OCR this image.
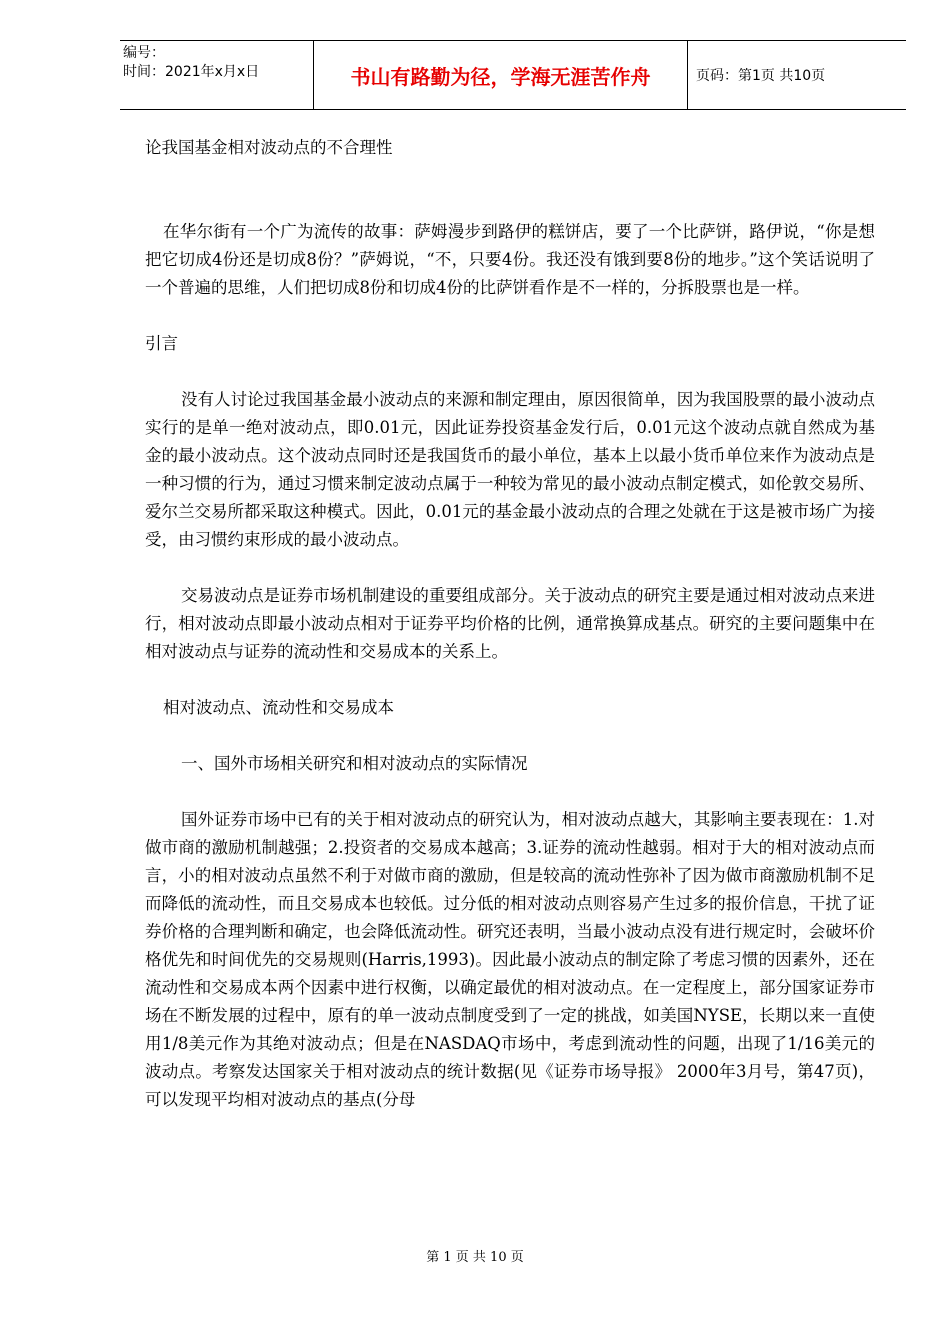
编号：
时间：2021年x月x日	书山有路勤为径，学海无涯苦作舟	页码：第1页 共10页
论我国基金相对波动点的不合理性

在华尔街有一个广为流传的故事：萨姆漫步到路伊的糕饼店，要了一个比萨饼，路伊说，“你是想把它切成4份还是切成8份？”萨姆说，“不，只要4份。我还没有饿到要8份的地步。”这个笑话说明了一个普遍的思维，人们把切成8份和切成4份的比萨饼看作是不一样的，分拆股票也是一样。

引言

没有人讨论过我国基金最小波动点的来源和制定理由，原因很简单，因为我国股票的最小波动点实行的是单一绝对波动点，即0.01元，因此证券投资基金发行后，0.01元这个波动点就自然成为基金的最小波动点。这个波动点同时还是我国货币的最小单位，基本上以最小货币单位来作为波动点是一种习惯的行为，通过习惯来制定波动点属于一种较为常见的最小波动点制定模式，如伦敦交易所、爱尔兰交易所都采取这种模式。因此，0.01元的基金最小波动点的合理之处就在于这是被市场广为接受，由习惯约束形成的最小波动点。

交易波动点是证券市场机制建设的重要组成部分。关于波动点的研究主要是通过相对波动点来进行，相对波动点即最小波动点相对于证券平均价格的比例，通常换算成基点。研究的主要问题集中在相对波动点与证券的流动性和交易成本的关系上。

相对波动点、流动性和交易成本

一、国外市场相关研究和相对波动点的实际情况

国外证券市场中已有的关于相对波动点的研究认为，相对波动点越大，其影响主要表现在：1.对做市商的激励机制越强；2.投资者的交易成本越高；3.证券的流动性越弱。相对于大的相对波动点而言，小的相对波动点虽然不利于对做市商的激励，但是较高的流动性弥补了因为做市商激励机制不足而降低的流动性，而且交易成本也较低。过分低的相对波动点则容易产生过多的报价信息，干扰了证券价格的合理判断和确定，也会降低流动性。研究还表明，当最小波动点没有进行规定时，会破坏价格优先和时间优先的交易规则(Harris,1993)。因此最小波动点的制定除了考虑习惯的因素外，还在流动性和交易成本两个因素中进行权衡，以确定最优的相对波动点。在一定程度上，部分国家证券市场在不断发展的过程中，原有的单一波动点制度受到了一定的挑战，如美国NYSE，长期以来一直使用1/8美元作为其绝对波动点；但是在NASDAQ市场中，考虑到流动性的问题，出现了1/16美元的波动点。考察发达国家关于相对波动点的统计数据(见《证券市场导报》 2000年3月号，第47页)，可以发现平均相对波动点的基点(分母

第 1 页 共 10 页
